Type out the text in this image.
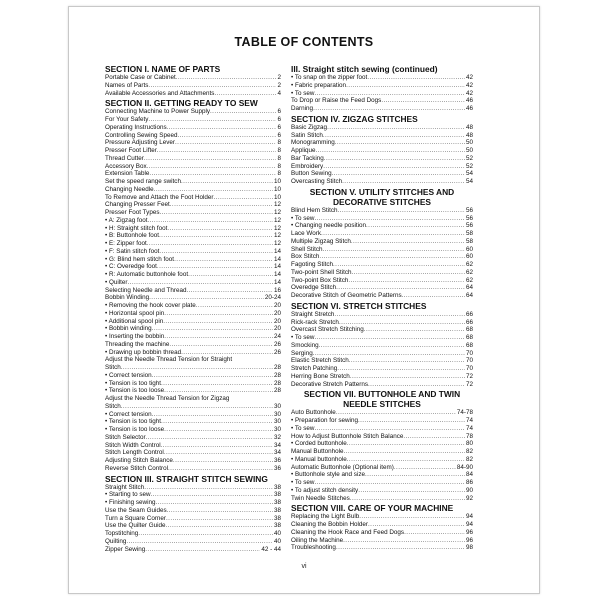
TABLE OF CONTENTS
SECTION I. NAME OF PARTS
Portable Case or Cabinet .....	2
Names of Parts .....	2
Available Accessories and Attachments .....	4
SECTION II. GETTING READY TO SEW
Connecting Machine to Power Supply .....	6
For Your Safety .....	6
Operating Instructions .....	6
Controlling Sewing Speed .....	6
Pressure Adjusting Lever .....	8
Presser Foot Lifter .....	8
Thread Cutter .....	8
Accessory Box .....	8
Extension Table .....	8
Set the speed range switch .....	10
Changing Needle .....	10
To Remove and Attach the Foot Holder .....	10
Changing Presser Feet .....	12
Presser Foot Types .....	12
• A: Zigzag foot .....	12
• H: Straight stitch foot .....	12
• B: Buttonhole foot .....	12
• E: Zipper foot .....	12
• F: Satin stitch foot .....	14
• G: Blind hem stitch foot .....	14
• C: Overedge foot .....	14
• R: Automatic buttonhole foot .....	14
• Quilter .....	14
Selecting Needle and Thread .....	16
Bobbin Winding .....	20-24
• Removing the hook cover plate .....	20
• Horizontal spool pin .....	20
• Additional spool pin .....	20
• Bobbin winding .....	20
• Inserting the bobbin .....	24
Threading the machine .....	26
• Drawing up bobbin thread .....	26
Adjust the Needle Thread Tension for Straight
Stitch .....	28
• Correct tension .....	28
• Tension is too tight .....	28
• Tension is too loose .....	28
Adjust the Needle Thread Tension for Zigzag
Stitch .....	30
• Correct tension .....	30
• Tension is too tight .....	30
• Tension is too loose .....	30
Stitch Selector .....	32
Stitch Width Control .....	34
Stitch Length Control .....	34
Adjusting Stitch Balance .....	36
Reverse Stitch Control .....	36
SECTION III. STRAIGHT STITCH SEWING
Straight Stitch .....	38
• Starting to sew .....	38
• Finishing sewing .....	38
Use the Seam Guides .....	38
Turn a Square Corner .....	38
Use the Quilter Guide .....	38
Topstitching .....	40
Quilting .....	40
Zipper Sewing .....	42 - 44
III. Straight stitch sewing (continued)
• To snap on the zipper foot .....	42
• Fabric preparation .....	42
• To sew .....	42
To Drop or Raise the Feed Dogs .....	46
Darning .....	46
SECTION IV. ZIGZAG STITCHES
Basic Zigzag .....	48
Satin Stitch .....	48
Monogramming .....	50
Applique .....	50
Bar Tacking .....	52
Embroidery .....	52
Button Sewing .....	54
Overcasting Stitch .....	54
SECTION V. UTILITY STITCHES AND
DECORATIVE STITCHES
Blind Hem Stitch .....	56
• To sew .....	56
• Changing needle position .....	56
Lace Work .....	58
Multiple Zigzag Stitch .....	58
Shell Stitch .....	60
Box Stitch .....	60
Fagoting Stitch .....	62
Two-point Shell Stitch .....	62
Two-point Box Stitch .....	62
Overedge Stitch .....	64
Decorative Stitch of Geometric Patterns .....	64
SECTION VI. STRETCH STITCHES
Straight Stretch .....	66
Rick-rack Stretch .....	66
Overcast Stretch Stitching .....	68
• To sew .....	68
Smocking .....	68
Serging .....	70
Elastic Stretch Stitch .....	70
Stretch Patching .....	70
Herring Bone Stretch .....	72
Decorative Stretch Patterns .....	72
SECTION VII. BUTTONHOLE AND TWIN
NEEDLE STITCHES
Auto Buttonhole .....	74-78
• Preparation for sewing .....	74
• To sew .....	74
How to Adjust Buttonhole Stitch Balance .....	78
• Corded buttonhole .....	80
Manual Buttonhole .....	82
• Manual buttonhole .....	82
Automatic Buttonhole (Optional item) .....	84-90
• Buttonhole style and size .....	84
• To sew .....	86
• To adjust stitch density .....	90
Twin Needle Stitches .....	92
SECTION VIII. CARE OF YOUR MACHINE
Replacing the Light Bulb .....	94
Cleaning the Bobbin Holder .....	94
Cleaning the Hook Race and Feed Dogs .....	96
Oiling the Machine .....	96
Troubleshooting .....	98
vi
